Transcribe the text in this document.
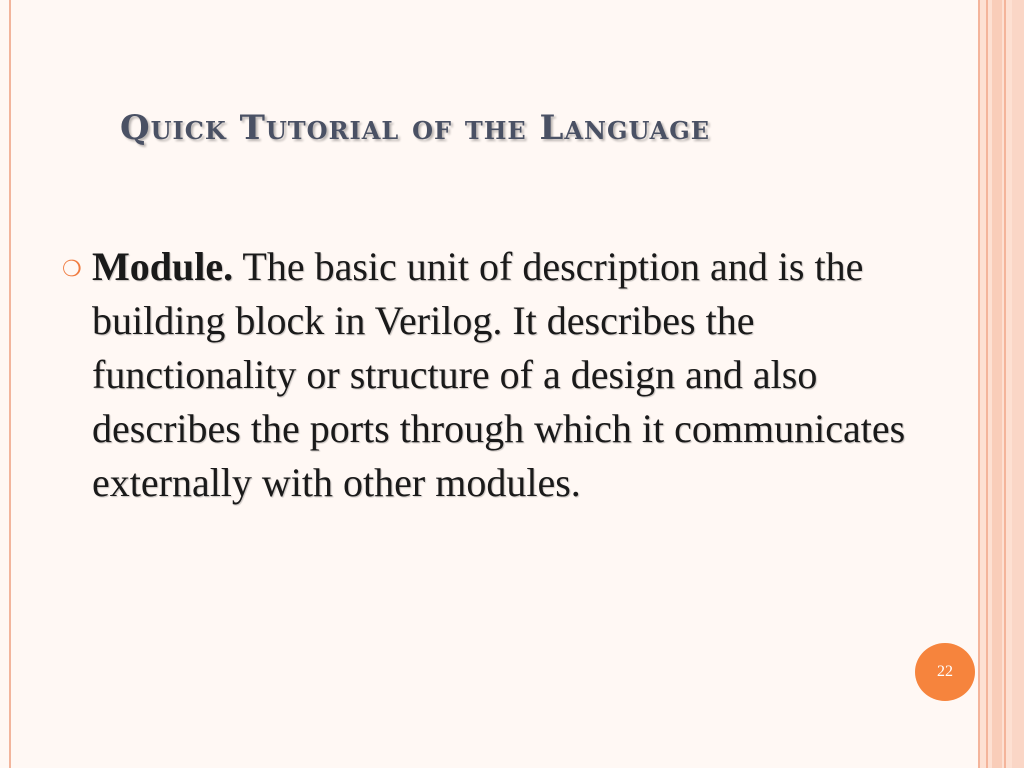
Quick Tutorial of the Language
❍ Module. The basic unit of description and is the building block in Verilog. It describes the functionality or structure of a design and also describes the ports through which it communicates externally with other modules.

22
